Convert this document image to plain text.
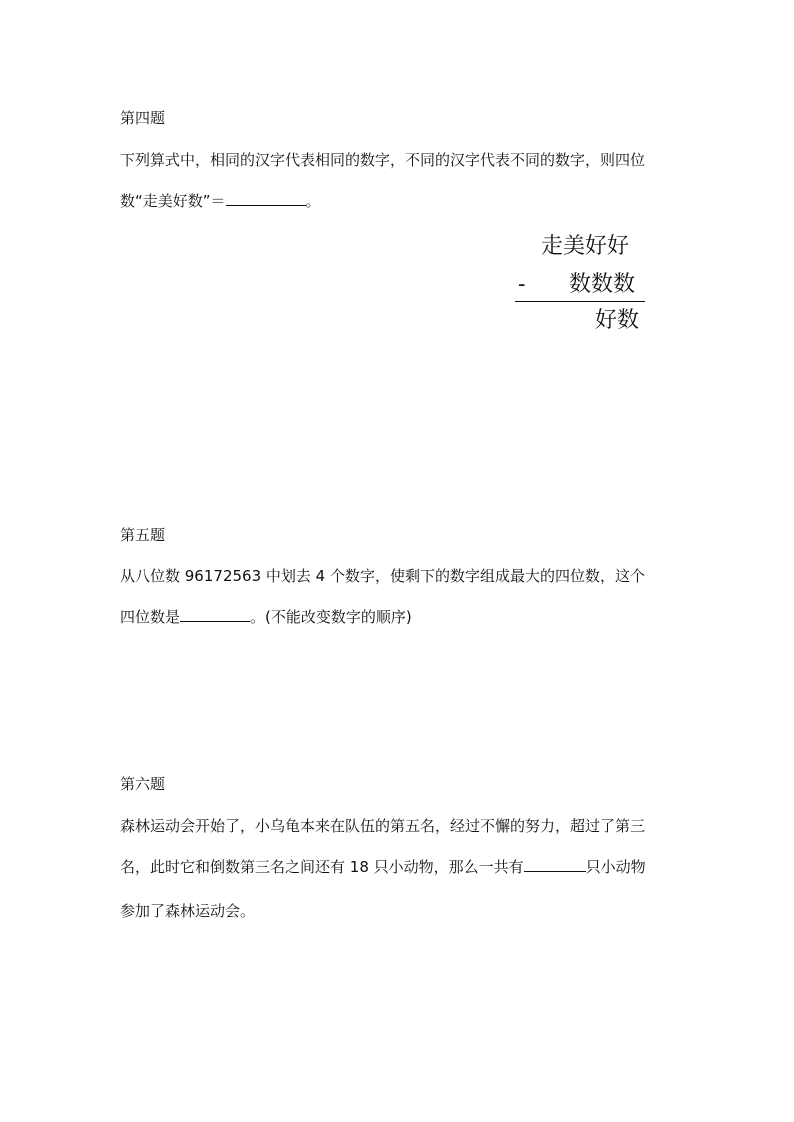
第四题
下列算式中，相同的汉字代表相同的数字，不同的汉字代表不同的数字，则四位
数“走美好数”＝	。
走美好好
- 数数数
好数
第五题
从八位数 96172563 中划去 4 个数字，使剩下的数字组成最大的四位数，这个
四位数是	。(不能改变数字的顺序)
第六题
森林运动会开始了，小乌龟本来在队伍的第五名，经过不懈的努力，超过了第三
名，此时它和倒数第三名之间还有 18 只小动物，那么一共有	只小动物
参加了森林运动会。
